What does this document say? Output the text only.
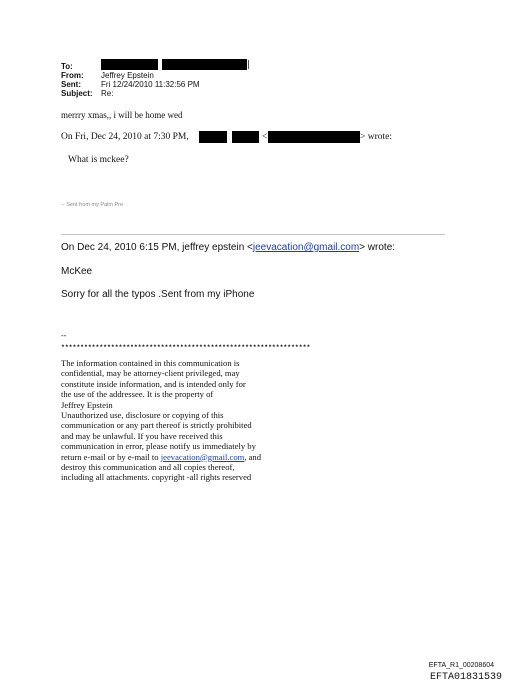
To:
From: Jeffrey Epstein
Sent:	Fri 12/24/2010 11:32:56 PM
Subject: Re:
merrry xmas,, i will be home wed
On Fri, Dec 24, 2010 at 7:30 PM,	<	> wrote:
What is mckee?
-- Sent from my Palm Pre
On Dec 24, 2010 6:15 PM, jeffrey epstein <jeevacation@gmail.com> wrote:
McKee
Sorry for all the typos .Sent from my iPhone
--
*****************************************************************
The information contained in this communication is
confidential, may be attorney-client privileged, may
constitute inside information, and is intended only for
the use of the addressee. It is the property of
Jeffrey Epstein
Unauthorized use, disclosure or copying of this
communication or any part thereof is strictly prohibited
and may be unlawful. If you have received this
communication in error, please notify us immediately by
return e-mail or by e-mail to jeevacation@gmail.com, and
destroy this communication and all copies thereof,
including all attachments. copyright -all rights reserved
EFTA_R1_00208604
EFTA01831539
